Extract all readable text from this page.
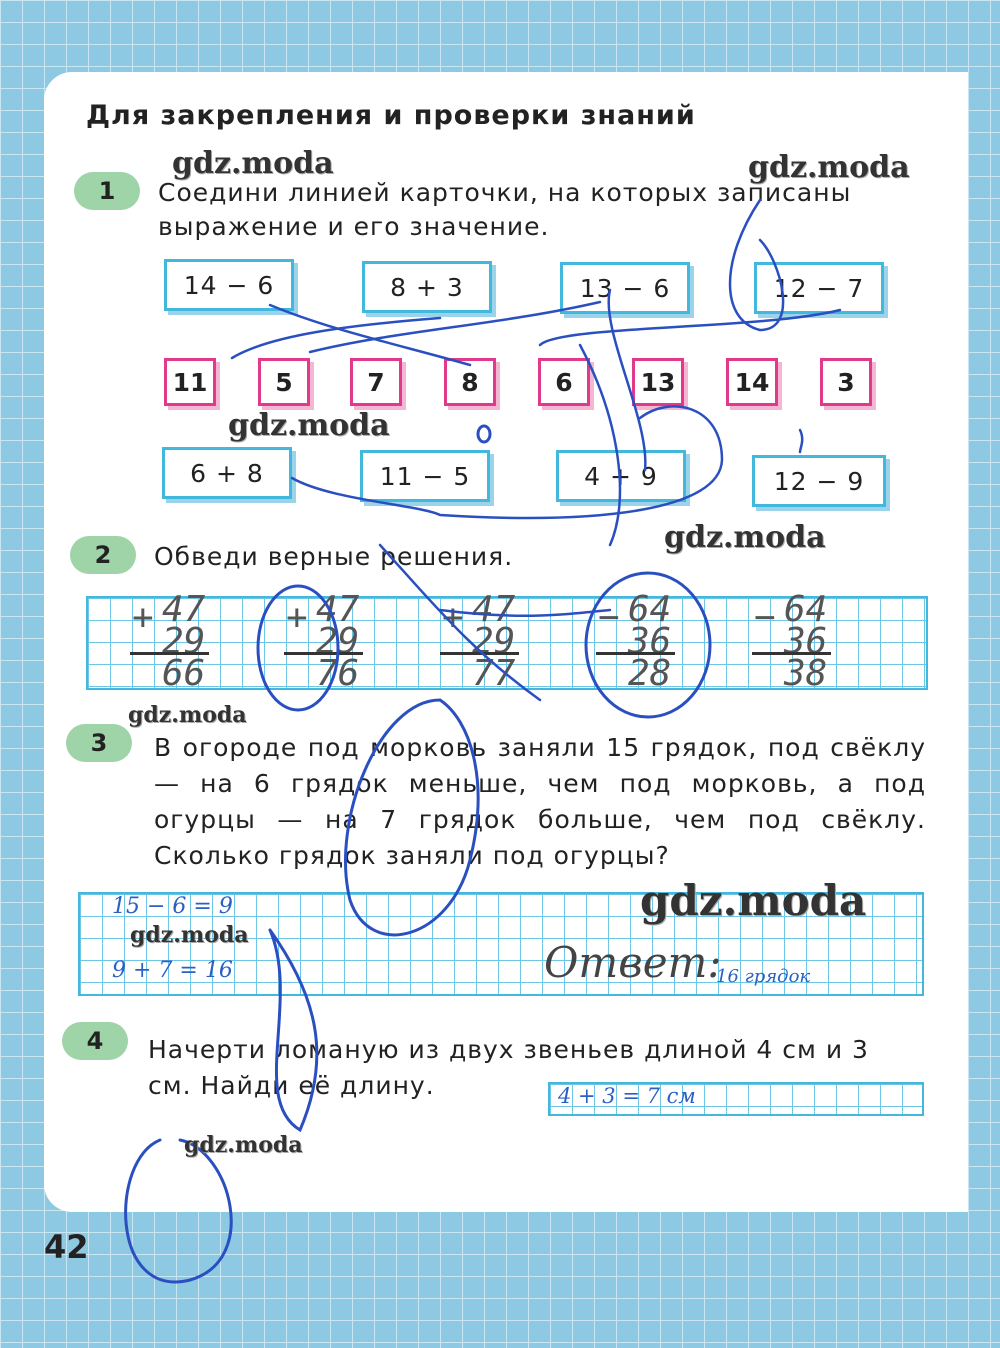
Для закрепления и проверки знаний
1	Соедини линией карточки, на которых записаны выражение и его значение.
14 − 6	8 + 3	13 − 6	12 − 7
11	5	7	8	6	13	14	3
6 + 8	11 − 5	4 + 9	12 − 9
2	Обведи верные решения.
+ 47
29
66
+ 47
29
76
+ 47
29
77
− 64
36
28
− 64
36
38
3	В огороде под морковь заняли 15 грядок, под свёклу — на 6 грядок меньше, чем под морковь, а под огурцы — на 7 грядок больше, чем под свёклу. Сколько грядок заняли под огурцы?
15 − 6 = 9
9 + 7 = 16	Ответ:
16 грядок
4	Начерти ломаную из двух звеньев длиной 4 см и 3 см. Найди её длину.	4 + 3 = 7 см
42
gdz.moda	gdz.moda
gdz.moda
gdz.moda
gdz.moda
gdz.moda
gdz.moda
gdz.moda
